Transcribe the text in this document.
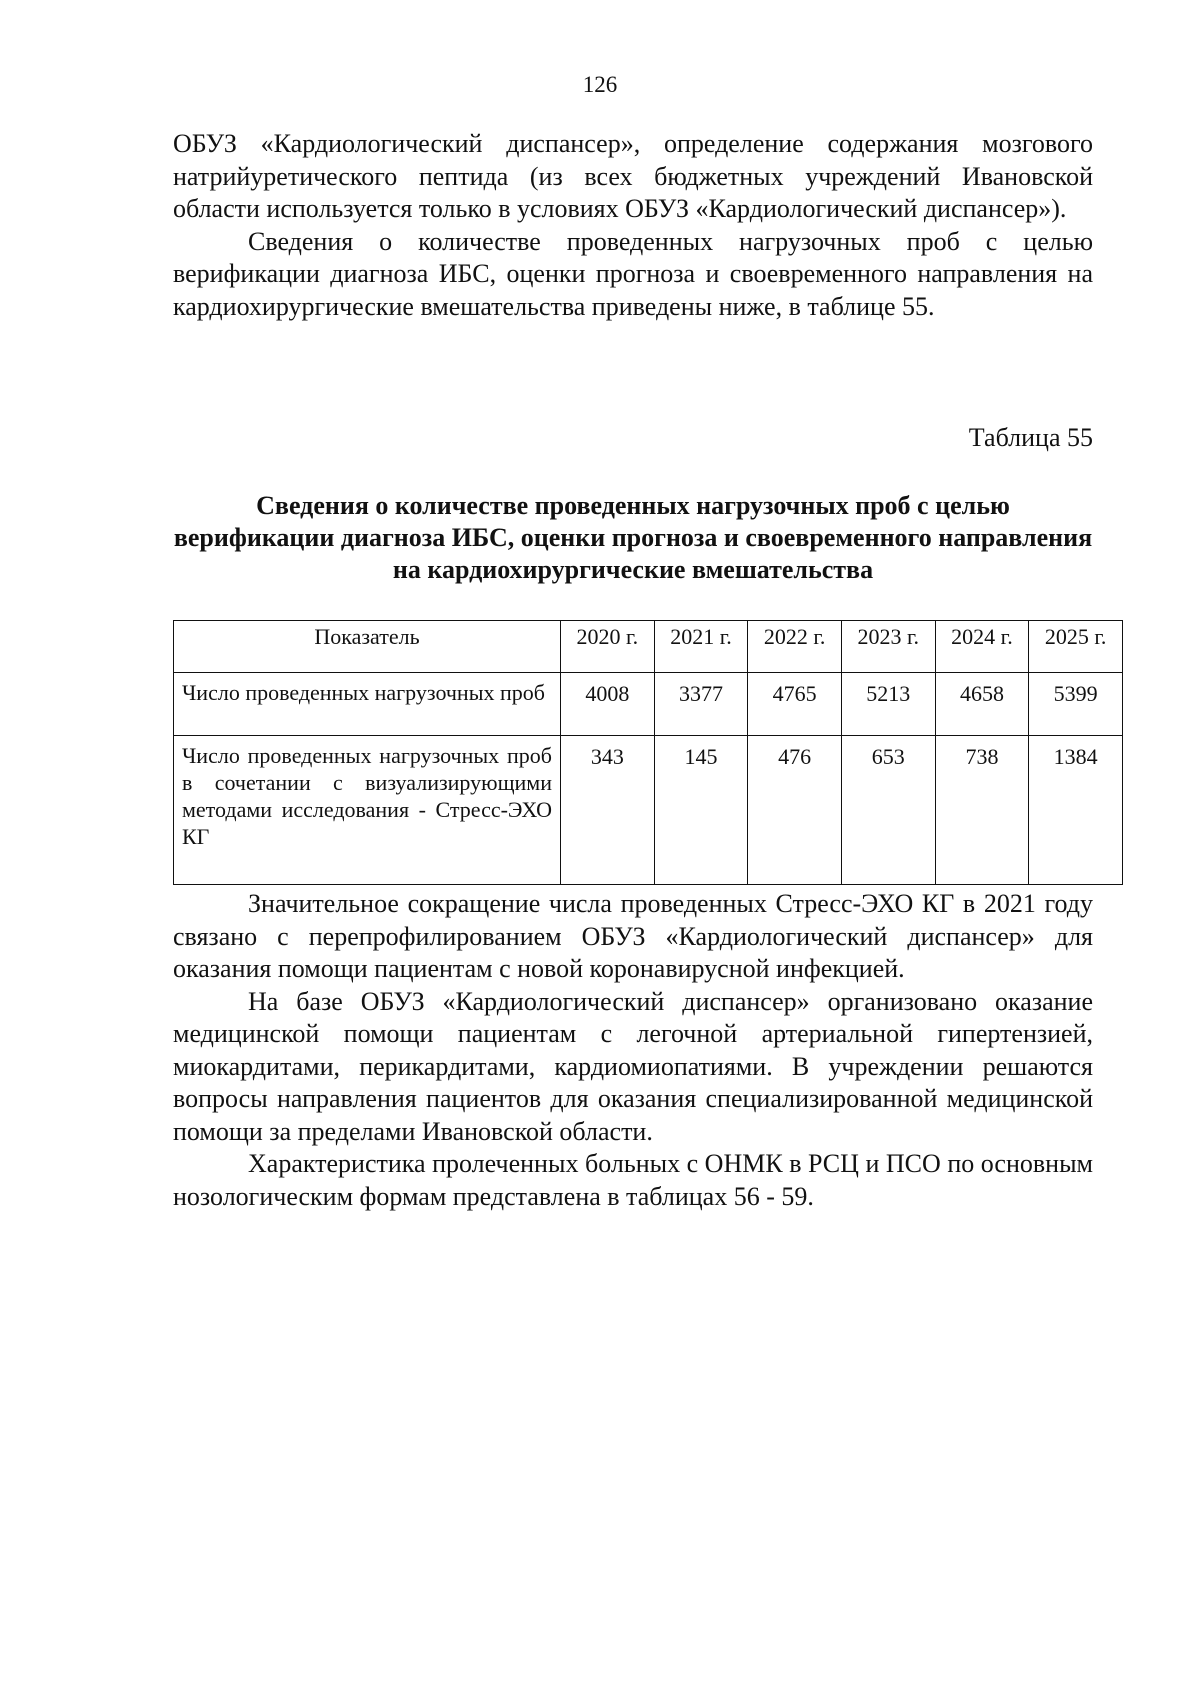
126

ОБУЗ «Кардиологический диспансер», определение содержания мозгового натрийуретического пептида (из всех бюджетных учреждений Ивановской области используется только в условиях ОБУЗ «Кардиологический диспансер»).

Сведения о количестве проведенных нагрузочных проб с целью верификации диагноза ИБС, оценки прогноза и своевременного направления на кардиохирургические вмешательства приведены ниже, в таблице 55.

Таблица 55
Сведения о количестве проведенных нагрузочных проб с целью верификации диагноза ИБС, оценки прогноза и своевременного направления на кардиохирургические вмешательства
Показатель	2020 г.	2021 г.	2022 г.	2023 г.	2024 г.	2025 г.
Число проведенных нагрузочных проб	4008	3377	4765	5213	4658	5399
Число проведенных нагрузочных проб в сочетании с визуализирующими методами исследования - Стресс-ЭХО КГ	343	145	476	653	738	1384

Значительное сокращение числа проведенных Стресс-ЭХО КГ в 2021 году связано с перепрофилированием ОБУЗ «Кардиологический диспансер» для оказания помощи пациентам с новой коронавирусной инфекцией.

На базе ОБУЗ «Кардиологический диспансер» организовано оказание медицинской помощи пациентам с легочной артериальной гипертензией, миокардитами, перикардитами, кардиомиопатиями. В учреждении решаются вопросы направления пациентов для оказания специализированной медицинской помощи за пределами Ивановской области.

Характеристика пролеченных больных с ОНМК в РСЦ и ПСО по основным нозологическим формам представлена в таблицах 56 - 59.
